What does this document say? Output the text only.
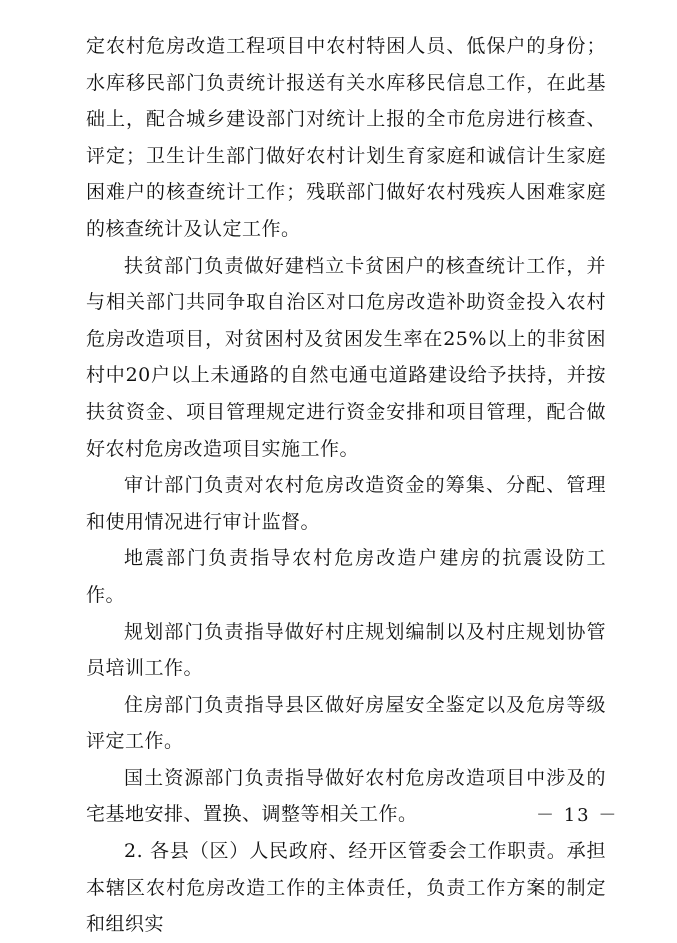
定农村危房改造工程项目中农村特困人员、低保户的身份；水库移民部门负责统计报送有关水库移民信息工作，在此基础上，配合城乡建设部门对统计上报的全市危房进行核查、评定；卫生计生部门做好农村计划生育家庭和诚信计生家庭困难户的核查统计工作；残联部门做好农村残疾人困难家庭的核查统计及认定工作。

扶贫部门负责做好建档立卡贫困户的核查统计工作，并与相关部门共同争取自治区对口危房改造补助资金投入农村危房改造项目，对贫困村及贫困发生率在25%以上的非贫困村中20户以上未通路的自然屯通屯道路建设给予扶持，并按扶贫资金、项目管理规定进行资金安排和项目管理，配合做好农村危房改造项目实施工作。

审计部门负责对农村危房改造资金的筹集、分配、管理和使用情况进行审计监督。

地震部门负责指导农村危房改造户建房的抗震设防工作。

规划部门负责指导做好村庄规划编制以及村庄规划协管员培训工作。

住房部门负责指导县区做好房屋安全鉴定以及危房等级评定工作。

国土资源部门负责指导做好农村危房改造项目中涉及的宅基地安排、置换、调整等相关工作。

2. 各县（区）人民政府、经开区管委会工作职责。承担本辖区农村危房改造工作的主体责任，负责工作方案的制定和组织实

－ 13 －
